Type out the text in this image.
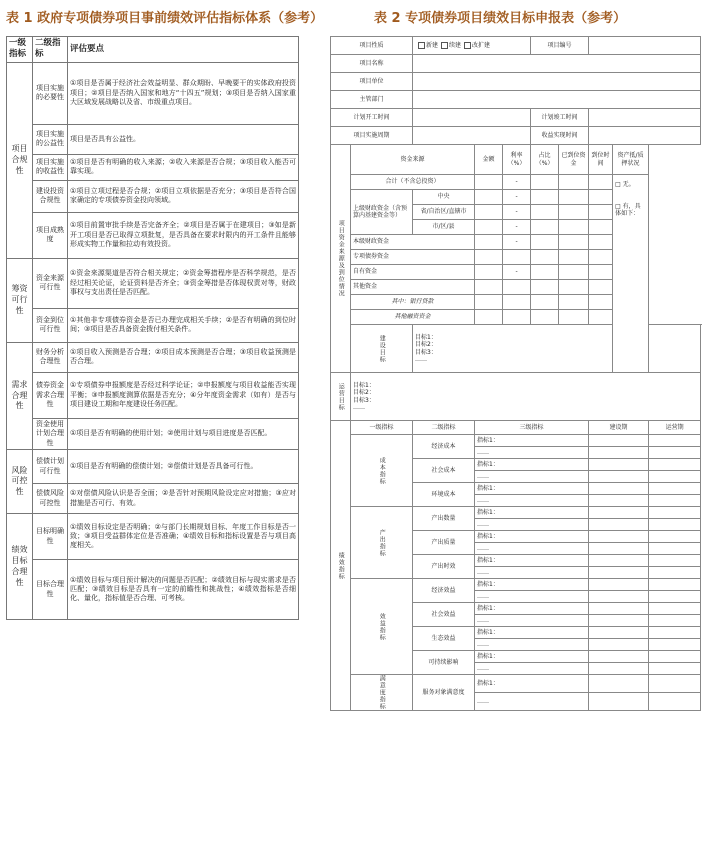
表 1 政府专项债券项目事前绩效评估指标体系（参考）	表 2 专项债券项目绩效目标申报表（参考）
一级指标	二级指标	评估要点
项目合规性	项目实施的必要性	①项目是否属于经济社会效益明显、群众期盼、早晚要干的实体政府投资项目；②项目是否纳入国家和地方“十四五”规划；③项目是否纳入国家重大区域发展战略以及省、市级重点项目。
	项目实施的公益性	项目是否具有公益性。
	项目实施的收益性	①项目是否有明确的收入来源；②收入来源是否合规；③项目收入能否可靠实现。
	建设投资合规性	①项目立项过程是否合规；②项目立项依据是否充分；③项目是否符合国家确定的专项债券资金投向领域。
	项目成熟度	①项目前置审批手续是否完备齐全；②项目是否属于在建项目；③如是新开工项目是否已取得立项批复，是否具备在要求时限内的开工条件且能够形成实物工作量和拉动有效投资。
筹资可行性	资金来源可行性	①资金来源渠道是否符合相关规定；②资金筹措程序是否科学规范，是否经过相关论证，论证资料是否齐全；③资金筹措是否体现权责对等，财政事权与支出责任是否匹配。
	资金到位可行性	①其他非专项债券资金是否已办理完成相关手续；②是否有明确的到位时间；③项目是否具备资金拨付相关条件。
需求合理性	财务分析合理性	①项目收入预测是否合理；②项目成本预测是否合理；③项目收益预测是否合理。
	债券资金需求合理性	①专项债券申报额度是否经过科学论证；②申报额度与项目收益能否实现平衡；③申报额度测算依据是否充分；④分年度资金需求（如有）是否与项目建设工期和年度建设任务匹配。
	资金使用计划合理性	①项目是否有明确的使用计划；②使用计划与项目进度是否匹配。
风险可控性	偿债计划可行性	①项目是否有明确的偿债计划；②偿债计划是否具备可行性。
	偿债风险可控性	①对偿债风险认识是否全面；②是否针对预期风险设定应对措施；③应对措施是否可行、有效。
绩效目标合理性	目标明确性	①绩效目标设定是否明确；②与部门长期规划目标、年度工作目标是否一致；③项目受益群体定位是否准确；④绩效目标和指标设置是否与项目高度相关。
	目标合理性	①绩效目标与项目预计解决的问题是否匹配；②绩效目标与现实需求是否匹配；③绩效目标是否具有一定的前瞻性和挑战性；④绩效指标是否细化、量化，指标值是否合理、可考核。
项目性质		新建 续建 改扩建			项目编号				
项目名称									
项目单位									
主管部门									
计划开工时间					计划竣工时间				
项目实施周期					收益实现时间				

项目资金来源及到位情况	资金来源		金额	利率（%）	占比（%）	已到位资金	到位时间	资产抵/质押状况	
	合计（不含总投资）			-				□ 无。
□ 有，具体如下：	

	上级财政资金（含预算内基建资金等）	中央		-					
		省/自治区/直辖市		-					
		市/区/县		-					
	本级财政资金			-					
	专项债券资金								
	自有资金			-					
	其他资金								
	其中：银行贷款								
	其他融资资金								

	建设目标	目标1：
目标2：
目标3：
……							

运营目标	目标1：
目标2：
目标3：
……								

绩效指标	一级指标	二级指标	三级指标				建设期		运营期

	成本指标	经济成本	指标1：						
			……						
		社会成本	指标1：						
			……						
		环境成本	指标1：						
			……						

	产出指标	产出数量	指标1：						
			……						
		产出质量	指标1：						
			……						
		产出时效	指标1：						
			……						

	效益指标	经济效益	指标1：						
			……						
		社会效益	指标1：						
			……						
		生态效益	指标1：						
			……						
		可持续影响	指标1：						
			……						

	满意度指标	服务对象满意度	指标1：						
			……						
